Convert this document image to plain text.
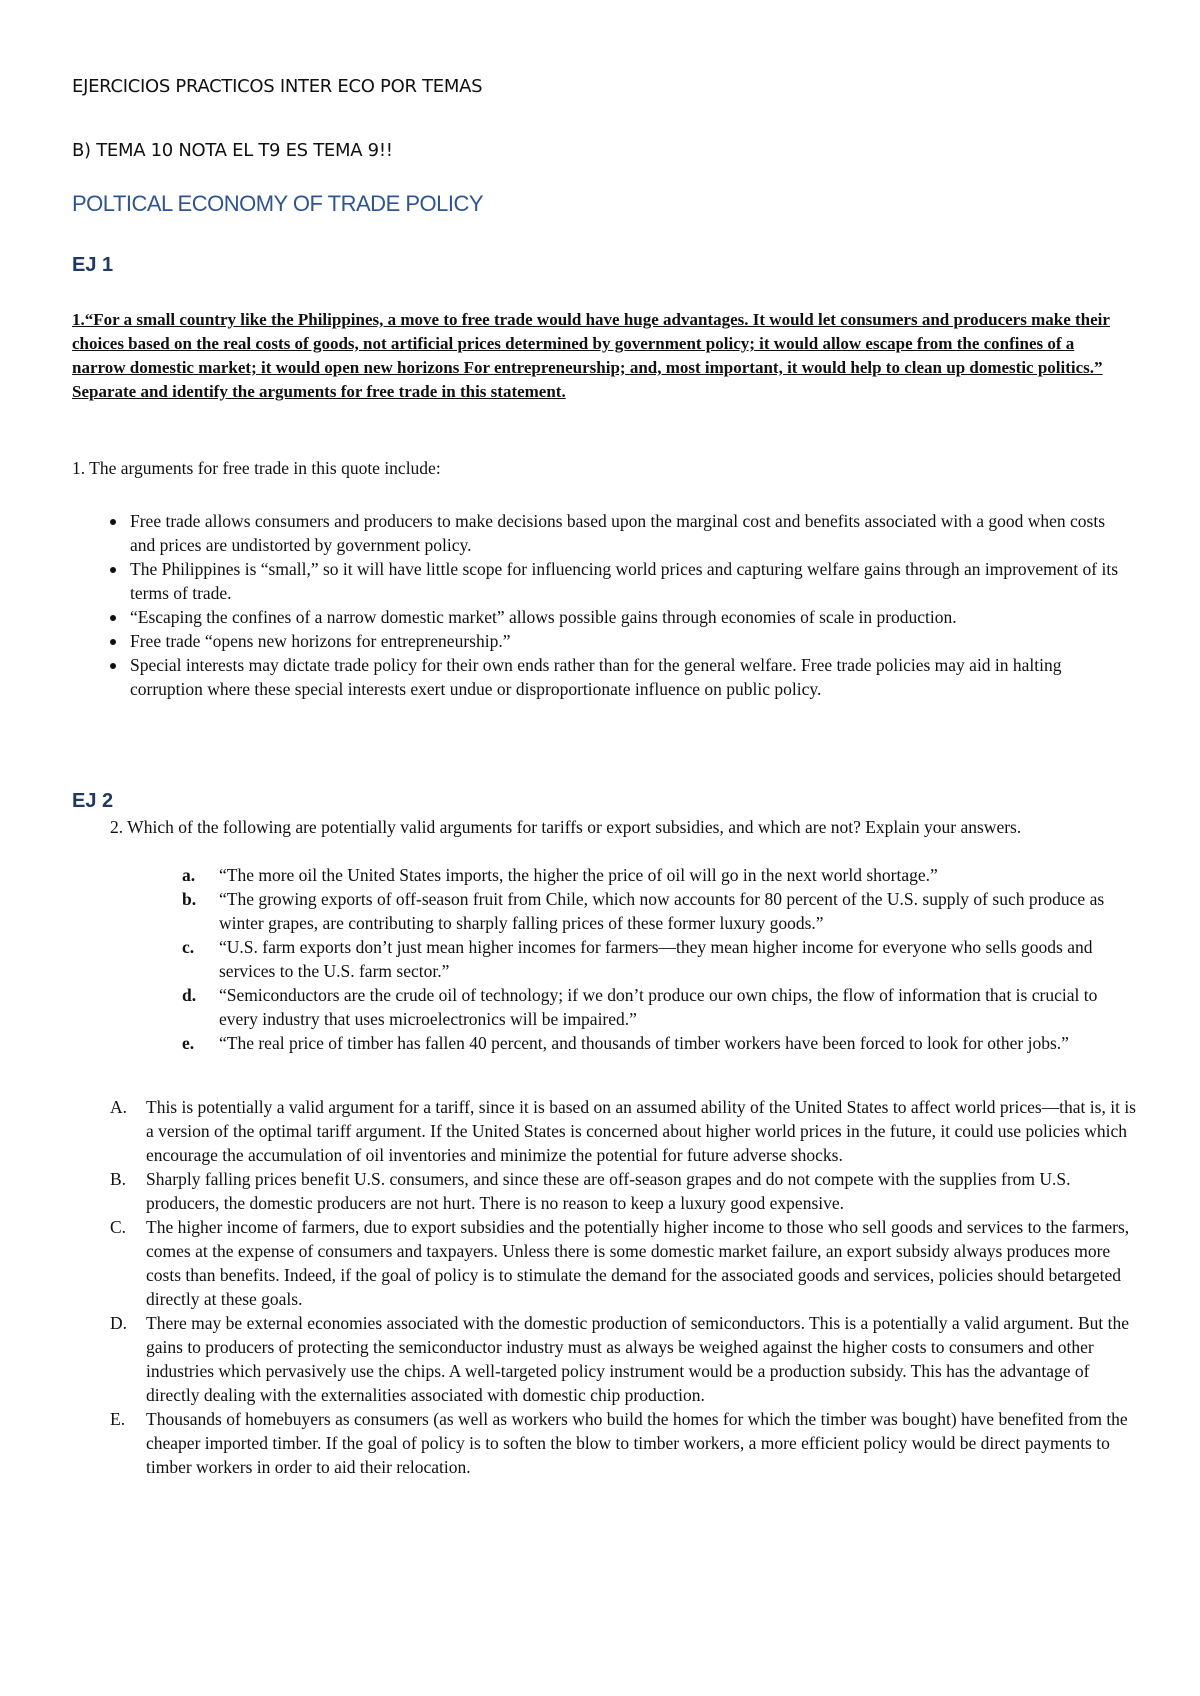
EJERCICIOS PRACTICOS INTER ECO POR TEMAS
B) TEMA 10 NOTA EL T9 ES TEMA 9!!
POLTICAL ECONOMY OF TRADE POLICY
EJ 1
1.“For a small country like the Philippines, a move to free trade would have huge advantages. It would let consumers and producers make their choices based on the real costs of goods, not artificial prices determined by government policy; it would allow escape from the confines of a narrow domestic market; it would open new horizons For entrepreneurship; and, most important, it would help to clean up domestic politics.” Separate and identify the arguments for free trade in this statement.
1. The arguments for free trade in this quote include:
Free trade allows consumers and producers to make decisions based upon the marginal cost and benefits associated with a good when costs and prices are undistorted by government policy.
The Philippines is “small,” so it will have little scope for influencing world prices and capturing welfare gains through an improvement of its terms of trade.
“Escaping the confines of a narrow domestic market” allows possible gains through economies of scale in production.
Free trade “opens new horizons for entrepreneurship.”
Special interests may dictate trade policy for their own ends rather than for the general welfare. Free trade policies may aid in halting corruption where these special interests exert undue or disproportionate influence on public policy.
EJ 2
2. Which of the following are potentially valid arguments for tariffs or export subsidies, and which are not? Explain your answers.
a. “The more oil the United States imports, the higher the price of oil will go in the next world shortage.”
b. “The growing exports of off-season fruit from Chile, which now accounts for 80 percent of the U.S. supply of such produce as winter grapes, are contributing to sharply falling prices of these former luxury goods.”
c. “U.S. farm exports don’t just mean higher incomes for farmers—they mean higher income for everyone who sells goods and services to the U.S. farm sector.”
d. “Semiconductors are the crude oil of technology; if we don’t produce our own chips, the flow of information that is crucial to every industry that uses microelectronics will be impaired.”
e. “The real price of timber has fallen 40 percent, and thousands of timber workers have been forced to look for other jobs.”
A. This is potentially a valid argument for a tariff, since it is based on an assumed ability of the United States to affect world prices—that is, it is a version of the optimal tariff argument. If the United States is concerned about higher world prices in the future, it could use policies which encourage the accumulation of oil inventories and minimize the potential for future adverse shocks.
B. Sharply falling prices benefit U.S. consumers, and since these are off-season grapes and do not compete with the supplies from U.S. producers, the domestic producers are not hurt. There is no reason to keep a luxury good expensive.
C. The higher income of farmers, due to export subsidies and the potentially higher income to those who sell goods and services to the farmers, comes at the expense of consumers and taxpayers. Unless there is some domestic market failure, an export subsidy always produces more costs than benefits. Indeed, if the goal of policy is to stimulate the demand for the associated goods and services, policies should betargeted directly at these goals.
D. There may be external economies associated with the domestic production of semiconductors. This is a potentially a valid argument. But the gains to producers of protecting the semiconductor industry must as always be weighed against the higher costs to consumers and other industries which pervasively use the chips. A well-targeted policy instrument would be a production subsidy. This has the advantage of directly dealing with the externalities associated with domestic chip production.
E. Thousands of homebuyers as consumers (as well as workers who build the homes for which the timber was bought) have benefited from the cheaper imported timber. If the goal of policy is to soften the blow to timber workers, a more efficient policy would be direct payments to timber workers in order to aid their relocation.
